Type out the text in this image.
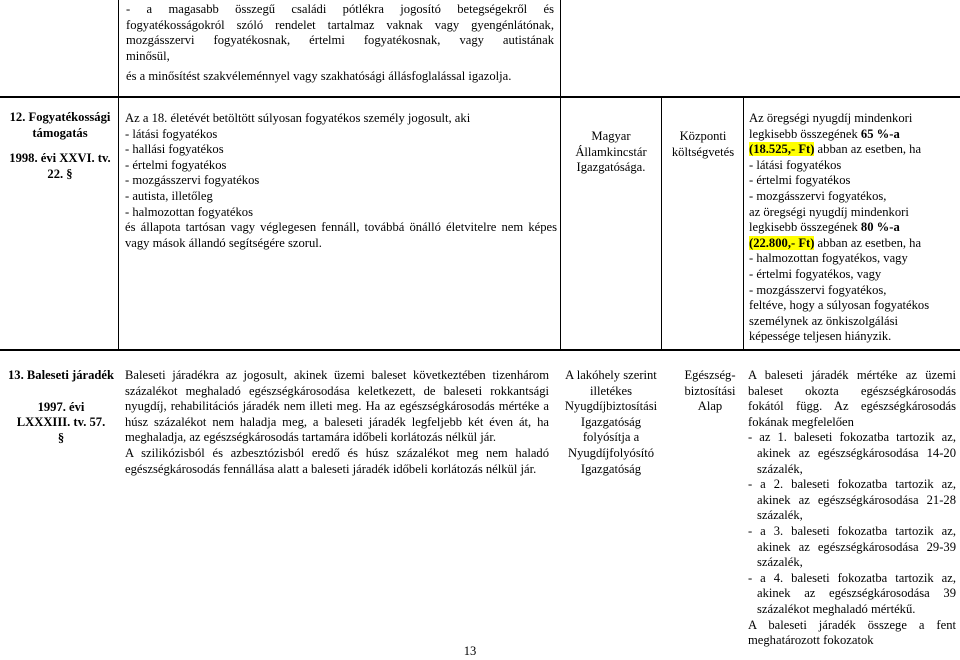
- a magasabb összegű családi pótlékra jogosító betegségekről és
fogyatékosságokról szóló rendelet tartalmaz vaknak vagy gyengénlátónak,
mozgásszervi fogyatékosnak, értelmi fogyatékosnak, vagy autistának
minősül,
és a minősítést szakvéleménnyel vagy szakhatósági állásfoglalással igazolja.
12. Fogyatékossági támogatás
1998. évi XXVI. tv. 22. §
Az a 18. életévét betöltött súlyosan fogyatékos személy jogosult, aki
- látási fogyatékos
- hallási fogyatékos
- értelmi fogyatékos
- mozgásszervi fogyatékos
- autista, illetőleg
- halmozottan fogyatékos
és állapota tartósan vagy véglegesen fennáll, továbbá önálló életvitelre nem képes vagy mások állandó segítségére szorul.
Magyar Államkincstár Igazgatósága.
Központi költségvetés
Az öregségi nyugdíj mindenkori
legkisebb összegének 65 %-a
(18.525,- Ft) abban az esetben, ha
- látási fogyatékos
- értelmi fogyatékos
- mozgásszervi fogyatékos,
az öregségi nyugdíj mindenkori
legkisebb összegének 80 %-a
(22.800,- Ft) abban az esetben, ha
- halmozottan fogyatékos, vagy
- értelmi fogyatékos, vagy
- mozgásszervi fogyatékos,
feltéve, hogy a súlyosan fogyatékos
személynek az önkiszolgálási
képessége teljesen hiányzik.
13. Baleseti járadék
1997. évi LXXXIII. tv. 57. §

Baleseti járadékra az jogosult, akinek üzemi baleset következtében tizenhárom százalékot meghaladó egészségkárosodása keletkezett, de baleseti rokkantsági nyugdíj, rehabilitációs járadék nem illeti meg. Ha az egészségkárosodás mértéke a húsz százalékot nem haladja meg, a baleseti járadék legfeljebb két éven át, ha meghaladja, az egészségkárosodás tartamára időbeli korlátozás nélkül jár.

A szilikózisból és azbesztózisból eredő és húsz százalékot meg nem haladó egészségkárosodás fennállása alatt a baleseti járadék időbeli korlátozás nélkül jár.

A lakóhely szerint illetékes Nyugdíjbiztosítási Igazgatóság folyósítja a Nyugdíjfolyósító Igazgatóság
Egészség-biztosítási Alap

A baleseti járadék mértéke az üzemi baleset okozta egészségkárosodás fokától függ. Az egészségkárosodás fokának megfelelően

- az 1. baleseti fokozatba tartozik az, akinek az egészségkárosodása 14-20 százalék,

- a 2. baleseti fokozatba tartozik az, akinek az egészségkárosodása 21-28 százalék,

- a 3. baleseti fokozatba tartozik az, akinek az egészségkárosodása 29-39 százalék,

- a 4. baleseti fokozatba tartozik az, akinek az egészségkárosodása 39 százalékot meghaladó mértékű.

A baleseti járadék összege a fent meghatározott fokozatok

13
